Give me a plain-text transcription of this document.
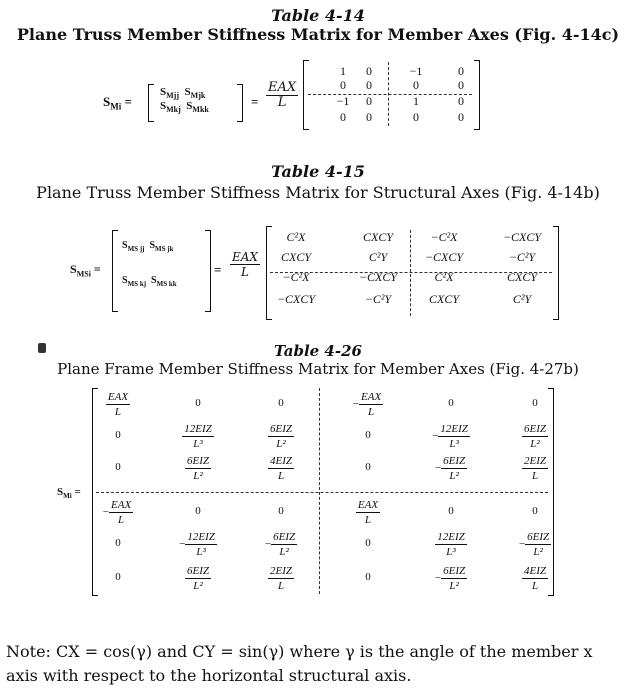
Table 4-14
Plane Truss Member Stiffness Matrix for Member Axes (Fig. 4-14c)
$S_{Mi}$ =
$S_{Mjj}$ $S_{Mjk}$
$S_{Mkj}$ $S_{Mkk}$
= $\frac{\text{EAX}}{L}$
1	0	−1	0
0	0	0	0
−1	0	1	0
0	0	0	0
Table 4-15
Plane Truss Member Stiffness Matrix for Structural Axes (Fig. 4-14b)
$S_{MSi}$ =
$S_{MS jj}$ $S_{MS jk}$
$S_{MS kj}$ $S_{MS kk}$
= $\frac{\text{EAX}}{L}$
C²X	CXCY	−C²X	−CXCY
CXCY	C²Y	−CXCY	−C²Y
−C²X	−CXCY	C²X	CXCY
−CXCY	−C²Y	CXCY	C²Y
Table 4-26
Plane Frame Member Stiffness Matrix for Member Axes (Fig. 4-27b)
$S_{Mi}$ =
$\frac{\text{EAX}}{L}$	0	0	− $\frac{\text{EAX}}{L}$	0	0
0	$\frac{\text{12EIZ}}{\text{L³}}$	$\frac{\text{6EIZ}}{\text{L²}}$	0	− $\frac{\text{12EIZ}}{\text{L³}}$	$\frac{\text{6EIZ}}{\text{L²}}$
0	$\frac{\text{6EIZ}}{\text{L²}}$	$\frac{\text{4EIZ}}{L}$	0	− $\frac{\text{6EIZ}}{\text{L²}}$	$\frac{\text{2EIZ}}{L}$
− $\frac{\text{EAX}}{L}$	0	0	$\frac{\text{EAX}}{L}$	0	0
0	− $\frac{\text{12EIZ}}{\text{L³}}$	− $\frac{\text{6EIZ}}{\text{L²}}$	0	$\frac{\text{12EIZ}}{\text{L³}}$	− $\frac{\text{6EIZ}}{\text{L²}}$
0	$\frac{\text{6EIZ}}{\text{L²}}$	$\frac{\text{2EIZ}}{L}$	0	− $\frac{\text{6EIZ}}{\text{L²}}$	$\frac{\text{4EIZ}}{L}$
Note: CX = cos(γ) and CY = sin(γ) where γ is the angle of the member x
axis with respect to the horizontal structural axis.
